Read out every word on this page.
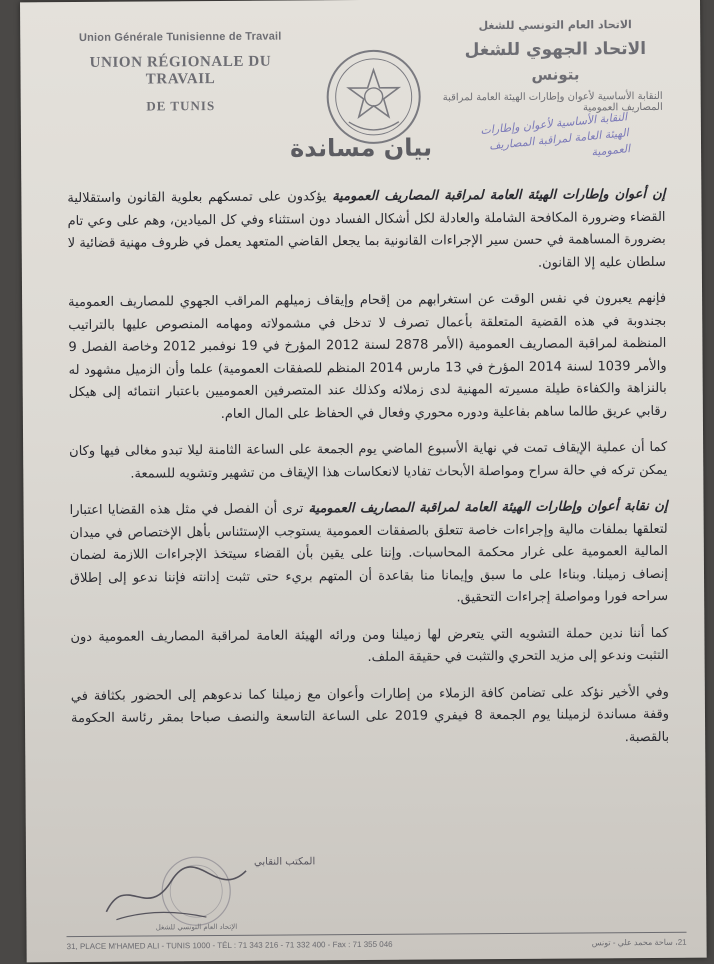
Union Générale Tunisienne de Travail
UNION RÉGIONALE DU TRAVAIL
DE TUNIS
الاتحاد العام التونسي للشغل
الاتحاد الجهوي للشغل
بتونس
النقابة الأساسية لأعوان وإطارات الهيئة العامة لمراقبة المصاريف العمومية
النقابة الأساسية لأعوان وإطارات الهيئة العامة لمراقبة المصاريف العمومية
بيان مساندة

إن أعوان وإطارات الهيئة العامة لمراقبة المصاريف العمومية يؤكدون على تمسكهم بعلوية القانون واستقلالية القضاء وضرورة المكافحة الشاملة والعادلة لكل أشكال الفساد دون استثناء وفي كل الميادين، وهم على وعي تام بضرورة المساهمة في حسن سير الإجراءات القانونية بما يجعل القاضي المتعهد يعمل في ظروف مهنية قضائية لا سلطان عليه إلا القانون.

فإنهم يعبرون في نفس الوقت عن استغرابهم من إقحام وإيقاف زميلهم المراقب الجهوي للمصاريف العمومية بجندوبة في هذه القضية المتعلقة بأعمال تصرف لا تدخل في مشمولاته ومهامه المنصوص عليها بالتراتيب المنظمة لمراقبة المصاريف العمومية (الأمر 2878 لسنة 2012 المؤرخ في 19 نوفمبر 2012 وخاصة الفصل 9 والأمر 1039 لسنة 2014 المؤرخ في 13 مارس 2014 المنظم للصفقات العمومية) علما وأن الزميل مشهود له بالنزاهة والكفاءة طيلة مسيرته المهنية لدى زملائه وكذلك عند المتصرفين العموميين باعتبار انتمائه إلى هيكل رقابي عريق طالما ساهم بفاعلية ودوره محوري وفعال في الحفاظ على المال العام.

كما أن عملية الإيقاف تمت في نهاية الأسبوع الماضي يوم الجمعة على الساعة الثامنة ليلا تبدو مغالى فيها وكان يمكن تركه في حالة سراح ومواصلة الأبحاث تفاديا لانعكاسات هذا الإيقاف من تشهير وتشويه للسمعة.

إن نقابة أعوان وإطارات الهيئة العامة لمراقبة المصاريف العمومية ترى أن الفصل في مثل هذه القضايا اعتبارا لتعلقها بملفات مالية وإجراءات خاصة تتعلق بالصفقات العمومية يستوجب الإستئناس بأهل الإختصاص في ميدان المالية العمومية على غرار محكمة المحاسبات. وإننا على يقين بأن القضاء سيتخذ الإجراءات اللازمة لضمان إنصاف زميلنا. وبناءا على ما سبق وإيمانا منا بقاعدة أن المتهم بريء حتى تثبت إدانته فإننا ندعو إلى إطلاق سراحه فورا ومواصلة إجراءات التحقيق.

كما أننا ندين حملة التشويه التي يتعرض لها زميلنا ومن ورائه الهيئة العامة لمراقبة المصاريف العمومية دون التثبت وندعو إلى مزيد التحري والتثبت في حقيقة الملف.

وفي الأخير نؤكد على تضامن كافة الزملاء من إطارات وأعوان مع زميلنا كما ندعوهم إلى الحضور بكثافة في وقفة مساندة لزميلنا يوم الجمعة 8 فيفري 2019 على الساعة التاسعة والنصف صباحا بمقر رئاسة الحكومة بالقصبة.

المكتب النقابي
الإتحاد العام التونسي للشغل
31, PLACE M'HAMED ALI - TUNIS 1000 - TÉL : 71 343 216 - 71 332 400 - Fax : 71 355 046	21، ساحة محمد علي - تونس
